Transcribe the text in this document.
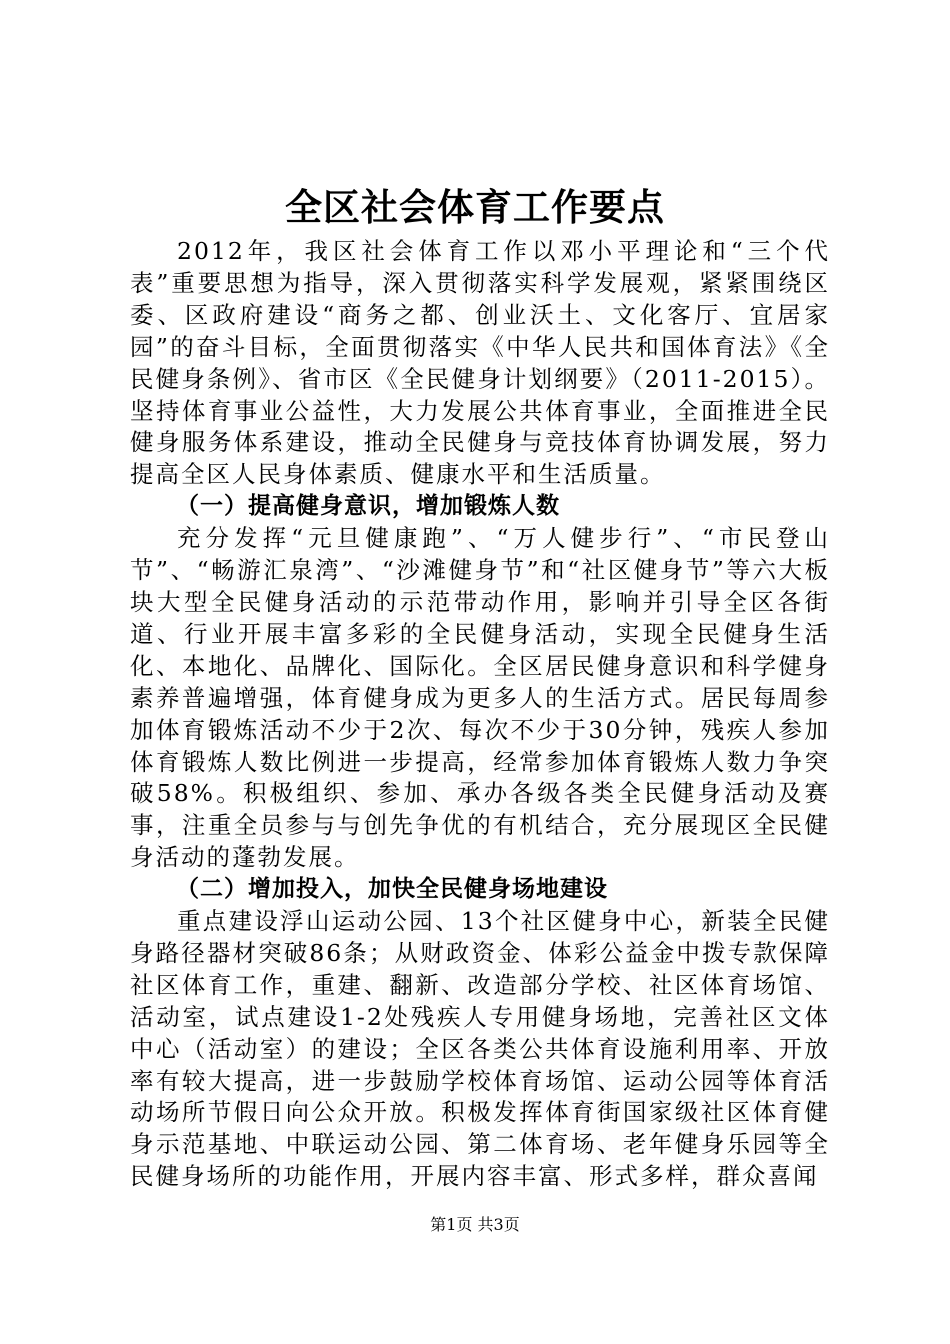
全区社会体育工作要点

2012年，我区社会体育工作以邓小平理论和“三个代表”重要思想为指导，深入贯彻落实科学发展观，紧紧围绕区委、区政府建设“商务之都、创业沃土、文化客厅、宜居家园”的奋斗目标，全面贯彻落实《中华人民共和国体育法》《全民健身条例》、省市区《全民健身计划纲要》（2011-2015）。坚持体育事业公益性，大力发展公共体育事业，全面推进全民健身服务体系建设，推动全民健身与竞技体育协调发展，努力提高全区人民身体素质、健康水平和生活质量。

（一）提高健身意识，增加锻炼人数

充分发挥“元旦健康跑”、“万人健步行”、“市民登山节”、“畅游汇泉湾”、“沙滩健身节”和“社区健身节”等六大板块大型全民健身活动的示范带动作用，影响并引导全区各街道、行业开展丰富多彩的全民健身活动，实现全民健身生活化、本地化、品牌化、国际化。全区居民健身意识和科学健身素养普遍增强，体育健身成为更多人的生活方式。居民每周参加体育锻炼活动不少于2次、每次不少于30分钟，残疾人参加体育锻炼人数比例进一步提高，经常参加体育锻炼人数力争突破58%。积极组织、参加、承办各级各类全民健身活动及赛事，注重全员参与与创先争优的有机结合，充分展现区全民健身活动的蓬勃发展。

（二）增加投入，加快全民健身场地建设

重点建设浮山运动公园、13个社区健身中心，新装全民健身路径器材突破86条；从财政资金、体彩公益金中拨专款保障社区体育工作，重建、翻新、改造部分学校、社区体育场馆、活动室，试点建设1-2处残疾人专用健身场地，完善社区文体中心（活动室）的建设；全区各类公共体育设施利用率、开放率有较大提高，进一步鼓励学校体育场馆、运动公园等体育活动场所节假日向公众开放。积极发挥体育街国家级社区体育健身示范基地、中联运动公园、第二体育场、老年健身乐园等全民健身场所的功能作用，开展内容丰富、形式多样，群众喜闻

第1页 共3页
